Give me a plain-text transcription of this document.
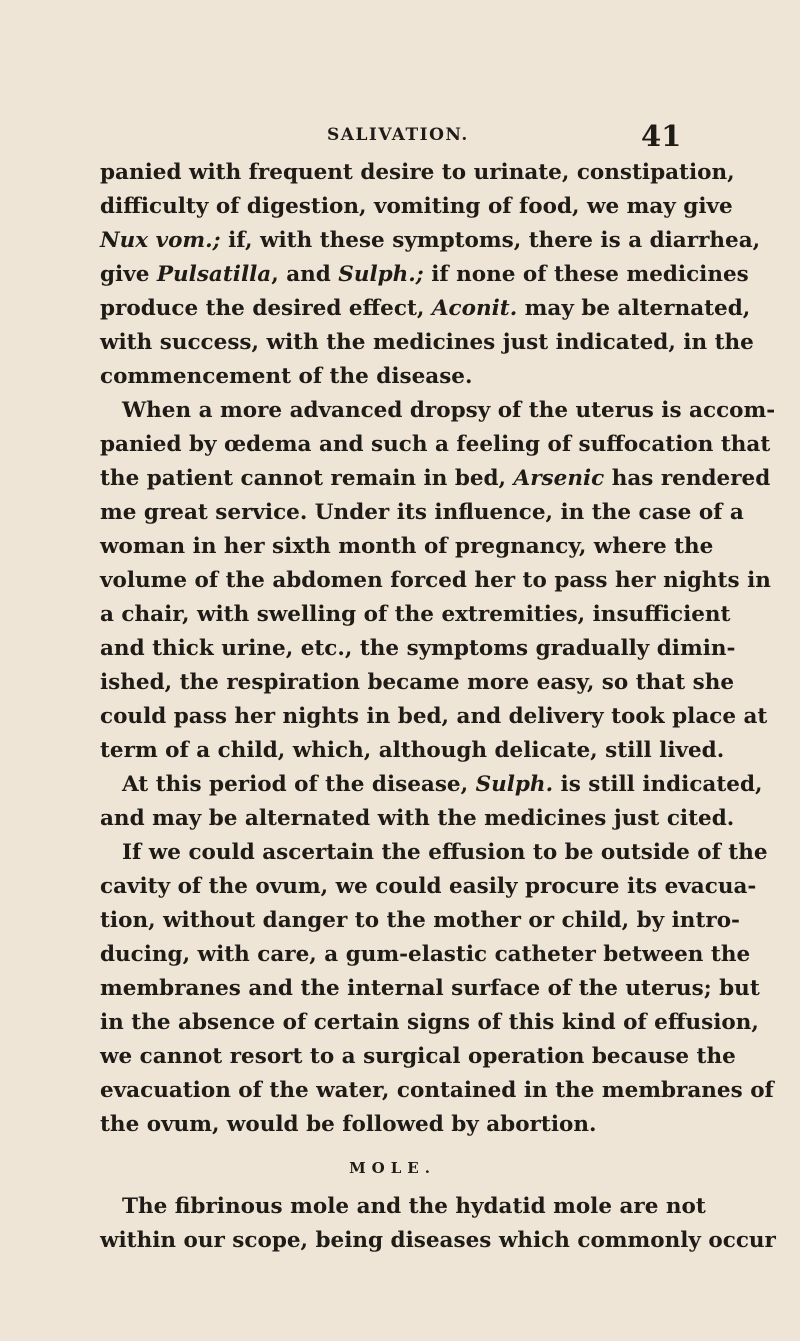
SALIVATION.	41
panied with frequent desire to urinate, constipation,
difficulty of digestion, vomiting of food, we may give
Nux vom.; if, with these symptoms, there is a diarrhea,
give Pulsatilla, and Sulph.; if none of these medicines
produce the desired effect, Aconit. may be alternated,
with success, with the medicines just indicated, in the
commencement of the disease.
When a more advanced dropsy of the uterus is accom-
panied by œdema and such a feeling of suffocation that
the patient cannot remain in bed, Arsenic has rendered
me great service. Under its influence, in the case of a
woman in her sixth month of pregnancy, where the
volume of the abdomen forced her to pass her nights in
a chair, with swelling of the extremities, insufficient
and thick urine, etc., the symptoms gradually dimin-
ished, the respiration became more easy, so that she
could pass her nights in bed, and delivery took place at
term of a child, which, although delicate, still lived.
At this period of the disease, Sulph. is still indicated,
and may be alternated with the medicines just cited.
If we could ascertain the effusion to be outside of the
cavity of the ovum, we could easily procure its evacua-
tion, without danger to the mother or child, by intro-
ducing, with care, a gum-elastic catheter between the
membranes and the internal surface of the uterus; but
in the absence of certain signs of this kind of effusion,
we cannot resort to a surgical operation because the
evacuation of the water, contained in the membranes of
the ovum, would be followed by abortion.
MOLE.
The fibrinous mole and the hydatid mole are not
within our scope, being diseases which commonly occur
